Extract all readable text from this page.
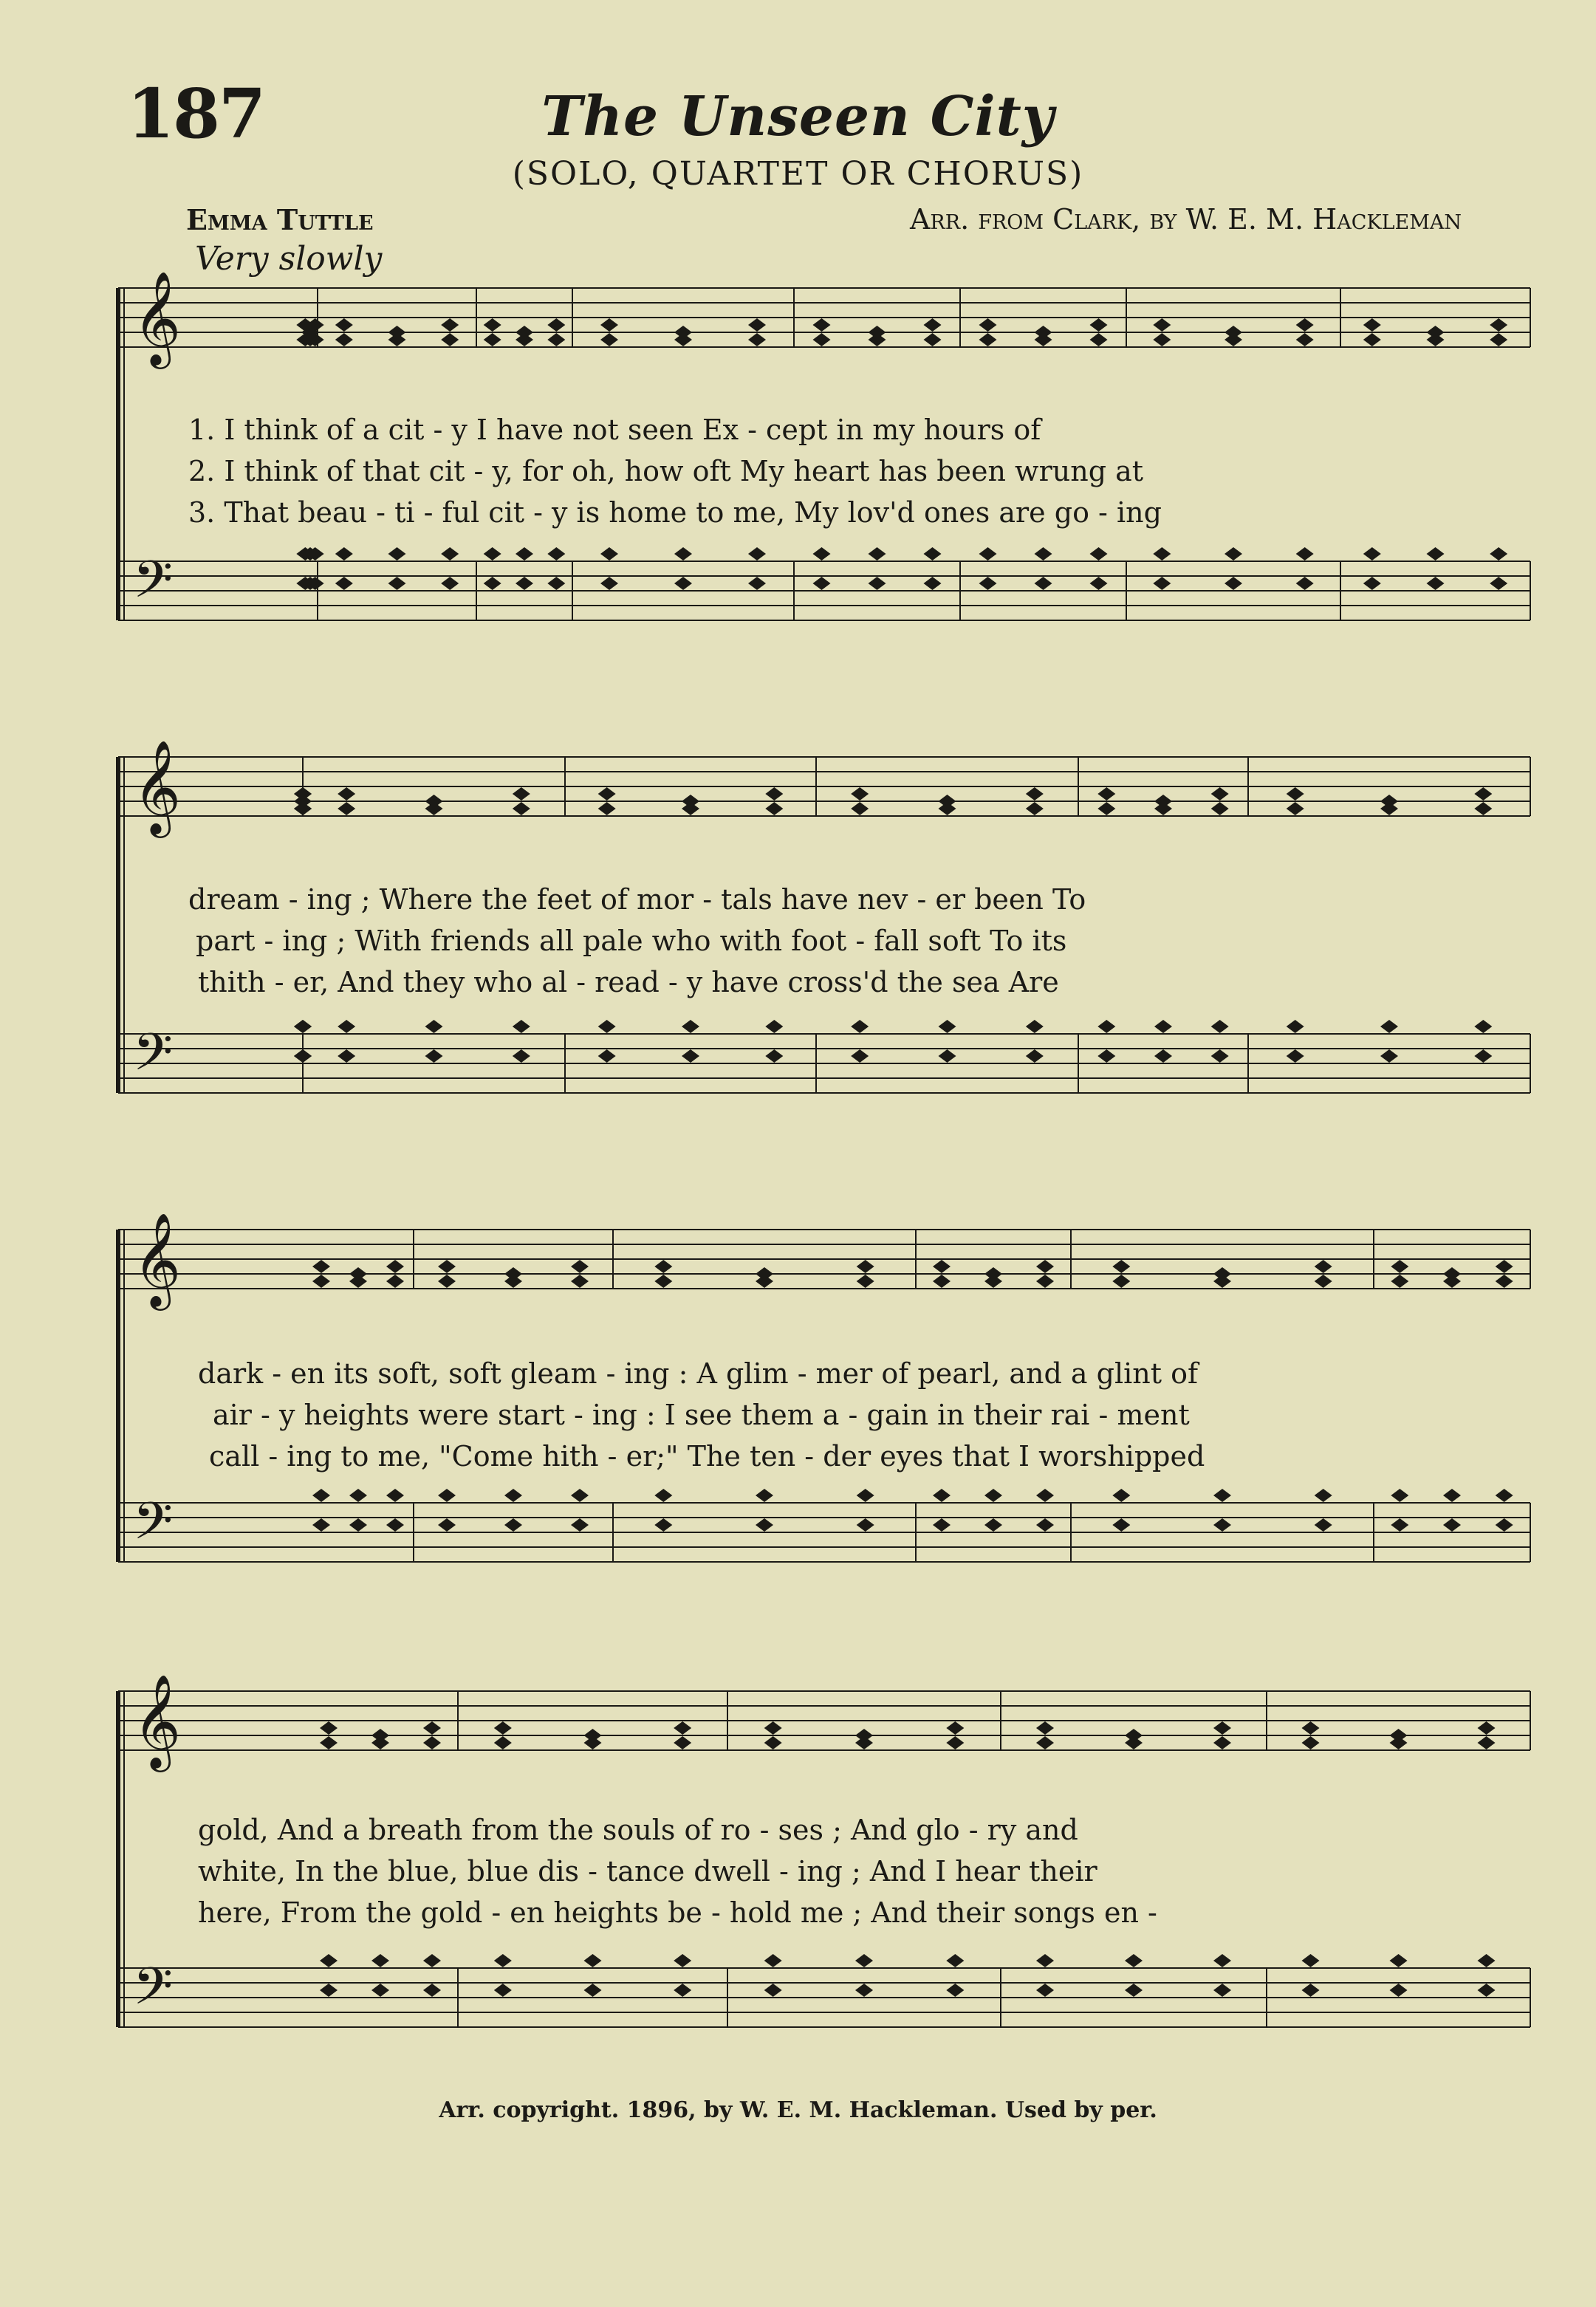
187	The Unseen City
(SOLO, QUARTET OR CHORUS)
Emma Tuttle	Arr. from Clark, by W. E. M. Hackleman
Very slowly
𝄞
𝄢
𝄞
𝄢
𝄞
𝄢
𝄞
𝄢
1. I think of a cit - y I have not seen Ex - cept in my hours of
2. I think of that cit - y, for oh, how oft My heart has been wrung at
3. That beau - ti - ful cit - y is home to me, My lov'd ones are go - ing
dream - ing ; Where the feet of mor - tals have nev - er been To
part - ing ; With friends all pale who with foot - fall soft To its
thith - er, And they who al - read - y have cross'd the sea Are
dark - en its soft, soft gleam - ing : A glim - mer of pearl, and a glint of
air - y heights were start - ing : I see them a - gain in their rai - ment
call - ing to me, "Come hith - er;" The ten - der eyes that I worshipped
gold, And a breath from the souls of ro - ses ; And glo - ry and
white, In the blue, blue dis - tance dwell - ing ; And I hear their
here, From the gold - en heights be - hold me ; And their songs en -
Arr. copyright. 1896, by W. E. M. Hackleman. Used by per.
